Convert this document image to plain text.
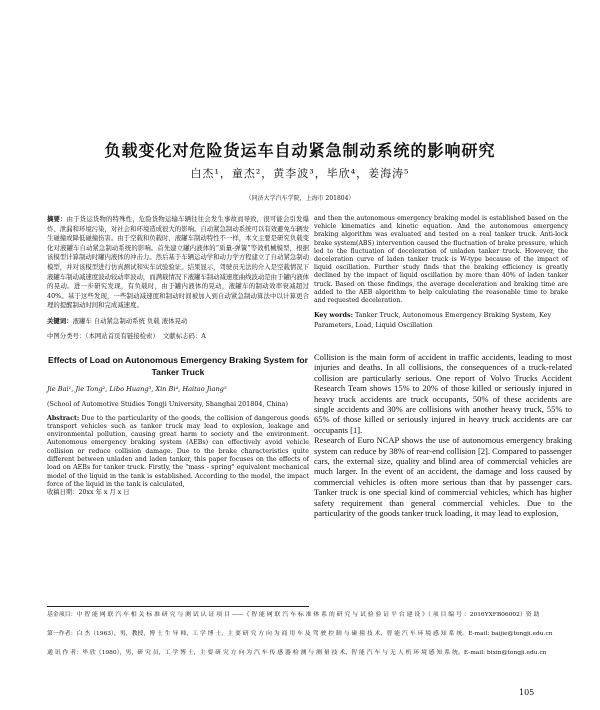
负载变化对危险货运车自动紧急制动系统的影响研究
白杰¹，童杰²，黄李波³，毕欣⁴，姜海涛⁵
（同济大学汽车学院，上海市 201804）
摘要：由于货运货物的特殊性，危险货物运输车辆往往会发生事故而导致，很可能会引发爆炸、泄漏和环境污染，对社会和环境造成很大的影响。自动紧急制动系统可以有效避免车辆发生碰撞或降低碰撞伤害。由于空载和负载时，液罐车制动特性不一样，本文主要是研究负载变化对液罐车自动紧急制动系统的影响。首先建立罐内液体的“质量-弹簧”等效机械模型，根据该模型计算制动时罐内液体的冲击力。然后基于车辆运动学和动力学方程建立了自动紧急制动模型，并对该模型进行仿真测试和实车试验验证。结果显示，驾驶员无法的介入是空载情况下液罐车制动减速度波动较动率波动，而满载情况下液罐车制动减速度曲线波动是由于罐内液体的晃动。进一步研究发现，有负载时，由于罐内液体的晃动，液罐车的制动效率衰减超过40%。基于这些发现，一些制动减速度和制动时间被加入到自动紧急制动算法中以计算更合理的提醒制动时间和完成减速度。
关键词：液罐车 自动紧急制动系统 负载 液体晃动
中图分类号：（本网站首页有链接检索） 文献标志码：A
Effects of Load on Autonomous Emergency Braking System for Tanker Truck
Jie Bai¹, Jie Tong², Libo Huang³, Xin Bi⁴, Haitao Jiang⁵
(School of Automotive Studies Tongji University, Shanghai 201804, China)
Abstract: Due to the particularity of the goods, the collision of dangerous goods transport vehicles such as tanker truck may lead to explosion, leakage and environmental pollution, causing great harm to society and the environment. Autonomous emergency braking system (AEBs) can effectively avoid vehicle collision or reduce collision damage. Due to the brake characteristics quite different between unladen and laden tanker, this paper focuses on the effects of load on AEBs for tanker truck. Firstly, the "mass - spring" equivalent mechanical model of the liquid in the tank is established. According to the model, the impact force of the liquid in the tank is calculated,
收稿日期：20xx 年 x 月 x 日
and then the autonomous emergency braking model is established based on the vehicle kinematics and kinetic equation. And the autonomous emergency braking algorithm was evaluated and tested on a real tanker truck. Anti-lock brake system(ABS) intervention caused the fluctuation of brake pressure, which led to the fluctuation of deceleration of unladen tanker truck. However, the deceleration curve of laden tanker truck is W-type because of the impact of liquid oscillation. Further study finds that the braking efficiency is greatly declined by the impact of liquid oscillation by more than 40% of laden tanker truck. Based on these findings, the average deceleration and braking time are added to the AEB algorithm to help calculating the reasonable time to brake and requested deceleration.
Key words: Tanker Truck, Autonomous Emergency Braking System, Key Parameters, Load, Liquid Oscillation

Collision is the main form of accident in traffic accidents, leading to most injuries and deaths. In all collisions, the consequences of a truck-related collision are particularly serious. One report of Volvo Trucks Accident Research Team shows 15% to 20% of those killed or seriously injured in heavy truck accidents are truck occupants, 50% of these accidents are single accidents and 30% are collisions with another heavy truck, 55% to 65% of those killed or seriously injured in heavy truck accidents are car occupants [1].

Research of Euro NCAP shows the use of autonomous emergency braking system can reduce by 38% of rear-end collision [2]. Compared to passenger cars, the external size, quality and blind area of commercial vehicles are much larger. In the event of an accident, the damage and loss caused by commercial vehicles is often more serious than that by passenger cars. Tanker truck is one special kind of commercial vehicles, which has higher safety requirement than general commercial vehicles. Due to the particularity of the goods tanker truck loading, it may lead to explosion,

基金项目：中 智 能 网 联 汽 车 相 关 标 准 研 究 与 测 试 认 证 项 目 ——《 智 能 网 联 汽 车 标 准 体 系 的 研 究 与 试 验 验 证 平 台 建 设 》（ 项 目 编 号 ：2016YXFB06002）资 助
第一作者：白 杰（1963），男，教授，博 士 生 导 师，工 学 博 士，主 要 研 究 方 向 为 商 用 车 及 驾 驶 控 制 与 碰 撞 技 术，智 能 汽 车 环 境 感 知 系 统。E-mail: baijie@tongji.edu.cn
通 讯 作 者：毕 欣（1980），男，研 究 员，工 学 博 士，主 要 研 究 方 向 为 汽 车 传 感 器 检 测 与 测 量 技 术、智 能 汽 车 与 无 人 机 环 境 感 知 系 统。E-mail: bixin@tongji.edu.cn
105
